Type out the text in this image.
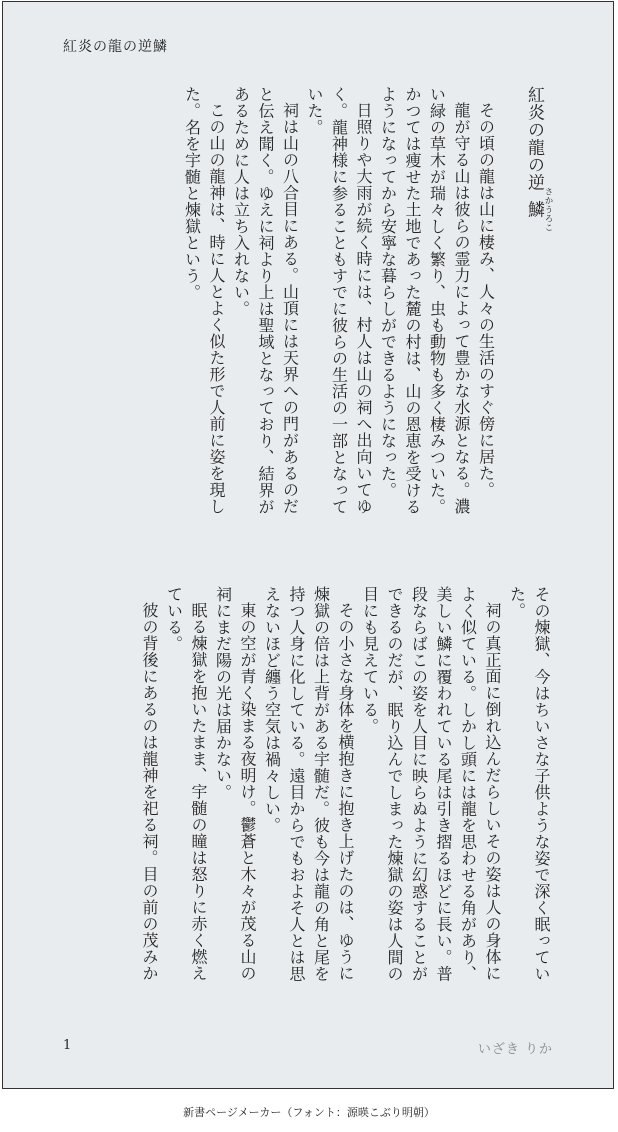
紅炎の龍の逆鱗
紅炎の龍の逆鱗 さかうろこ

その頃の龍は山に棲み、人々の生活のすぐ傍に居た。

龍が守る山は彼らの霊力によって豊かな水源となる。濃い緑の草木が瑞々しく繁り、虫も動物も多く棲みついた。かつては痩せた土地であった麓の村は、山の恩恵を受けるようになってから安寧な暮らしができるようになった。

日照りや大雨が続く時には、村人は山の祠へ出向いてゆく。龍神様に参ることもすでに彼らの生活の一部となっていた。

祠は山の八合目にある。山頂には天界への門があるのだと伝え聞く。ゆえに祠より上は聖域となっており、結界があるために人は立ち入れない。

この山の龍神は、時に人とよく似た形で人前に姿を現した。名を宇髄と煉獄という。

その煉獄、今はちいさな子供ような姿で深く眠っていた。

祠の真正面に倒れ込んだらしいその姿は人の身体によく似ている。しかし頭には龍を思わせる角があり、美しい鱗に覆われている尾は引き摺るほどに長い。普段ならばこの姿を人目に映らぬように幻惑することができるのだが、眠り込んでしまった煉獄の姿は人間の目にも見えている。

その小さな身体を横抱きに抱き上げたのは、ゆうに煉獄の倍は上背がある宇髄だ。彼も今は龍の角と尾を持つ人身に化している。遠目からでもおよそ人とは思えないほど纏う空気は禍々しい。

東の空が青く染まる夜明け。鬱蒼と木々が茂る山の祠にまだ陽の光は届かない。

眠る煉獄を抱いたまま、宇髄の瞳は怒りに赤く燃えている。

彼の背後にあるのは龍神を祀る祠。目の前の茂みか

1	いざき りか
新書ページメーカー（フォント：源暎こぶり明朝）
